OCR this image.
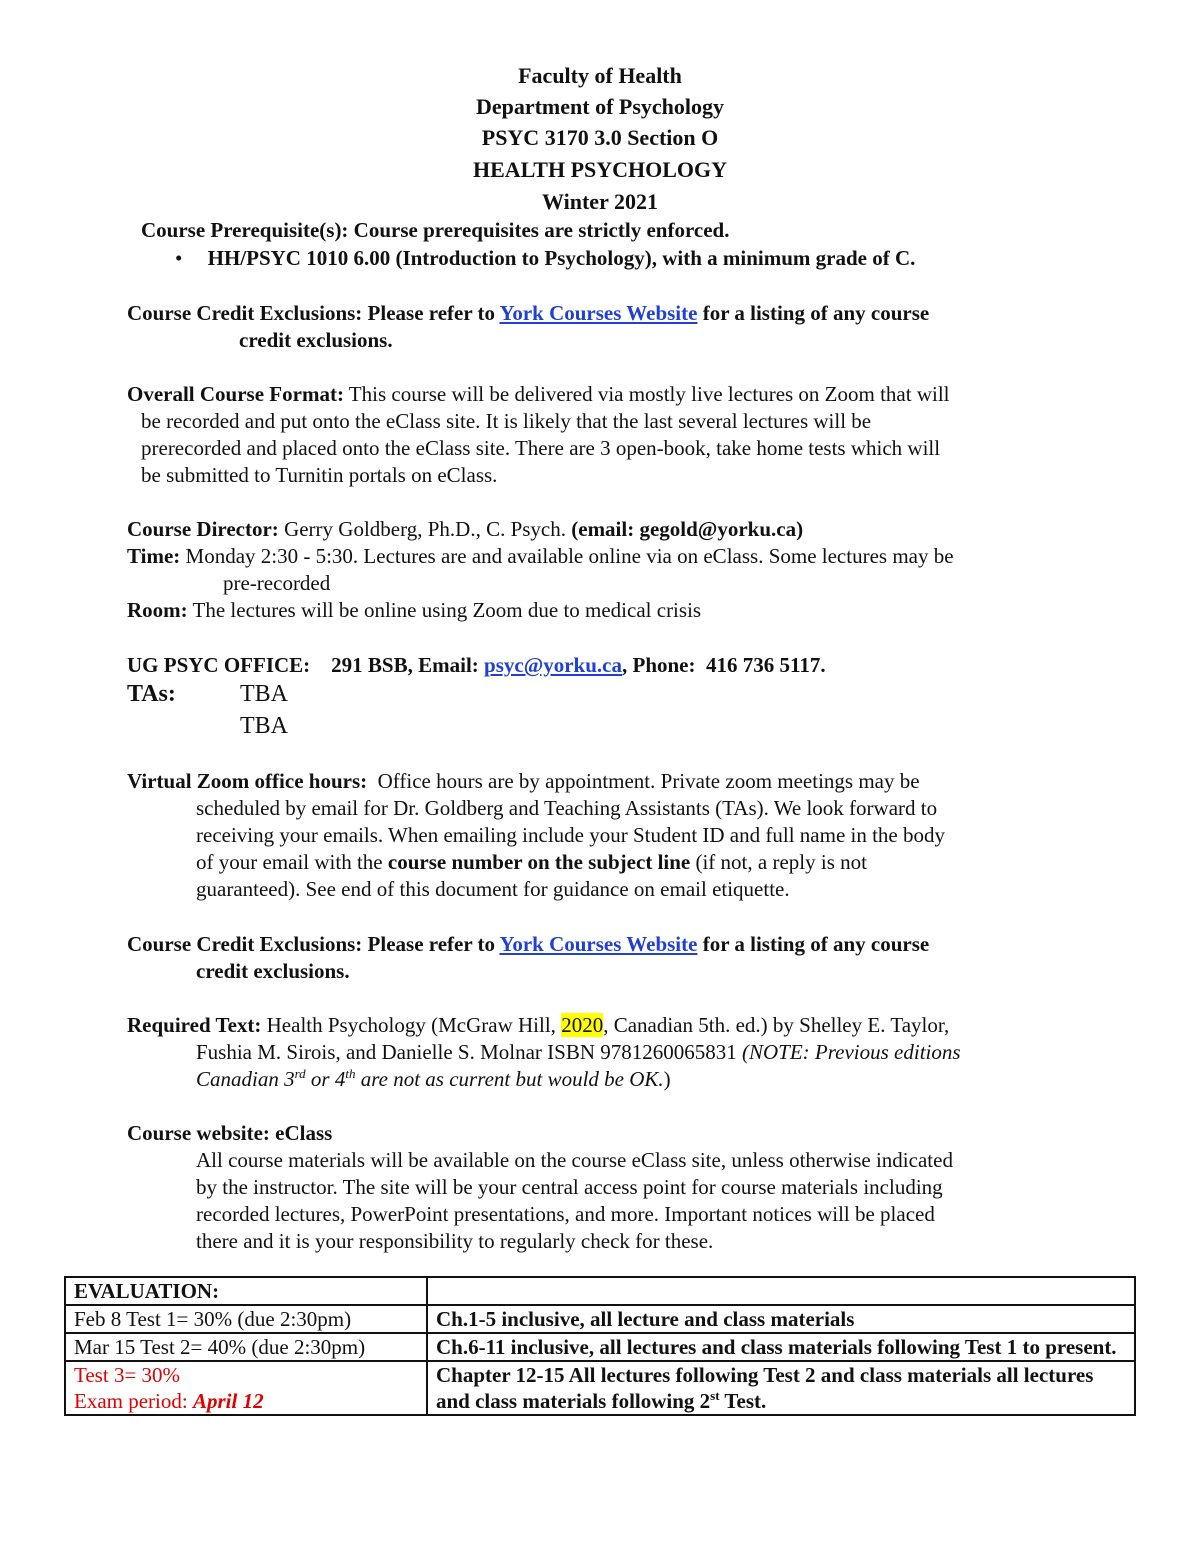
Faculty of Health
Department of Psychology
PSYC 3170 3.0 Section O
HEALTH PSYCHOLOGY
Winter 2021
Course Prerequisite(s): Course prerequisites are strictly enforced.
• HH/PSYC 1010 6.00 (Introduction to Psychology), with a minimum grade of C.
Course Credit Exclusions: Please refer to York Courses Website for a listing of any course
credit exclusions.
Overall Course Format: This course will be delivered via mostly live lectures on Zoom that will
be recorded and put onto the eClass site. It is likely that the last several lectures will be
prerecorded and placed onto the eClass site. There are 3 open-book, take home tests which will
be submitted to Turnitin portals on eClass.
Course Director: Gerry Goldberg, Ph.D., C. Psych. (email: gegold@yorku.ca)
Time: Monday 2:30 - 5:30. Lectures are and available online via on eClass. Some lectures may be
pre-recorded
Room: The lectures will be online using Zoom due to medical crisis
UG PSYC OFFICE:    291 BSB, Email: psyc@yorku.ca, Phone:  416 736 5117.
TAs:	TBA
TBA
Virtual Zoom office hours:  Office hours are by appointment. Private zoom meetings may be
scheduled by email for Dr. Goldberg and Teaching Assistants (TAs). We look forward to
receiving your emails. When emailing include your Student ID and full name in the body
of your email with the course number on the subject line (if not, a reply is not
guaranteed). See end of this document for guidance on email etiquette.
Course Credit Exclusions: Please refer to York Courses Website for a listing of any course
credit exclusions.
Required Text: Health Psychology (McGraw Hill, 2020, Canadian 5th. ed.) by Shelley E. Taylor,
Fushia M. Sirois, and Danielle S. Molnar ISBN 9781260065831 (NOTE: Previous editions
Canadian 3rd or 4th are not as current but would be OK.)
Course website: eClass
All course materials will be available on the course eClass site, unless otherwise indicated
by the instructor. The site will be your central access point for course materials including
recorded lectures, PowerPoint presentations, and more. Important notices will be placed
there and it is your responsibility to regularly check for these.
EVALUATION:	
Feb 8 Test 1= 30% (due 2:30pm)	Ch.1-5 inclusive, all lecture and class materials
Mar 15 Test 2= 40% (due 2:30pm)	Ch.6-11 inclusive, all lectures and class materials following Test 1 to present.
Test 3= 30%
Exam period: April 12	Chapter 12-15 All lectures following Test 2 and class materials all lectures and class materials following 2st Test.
